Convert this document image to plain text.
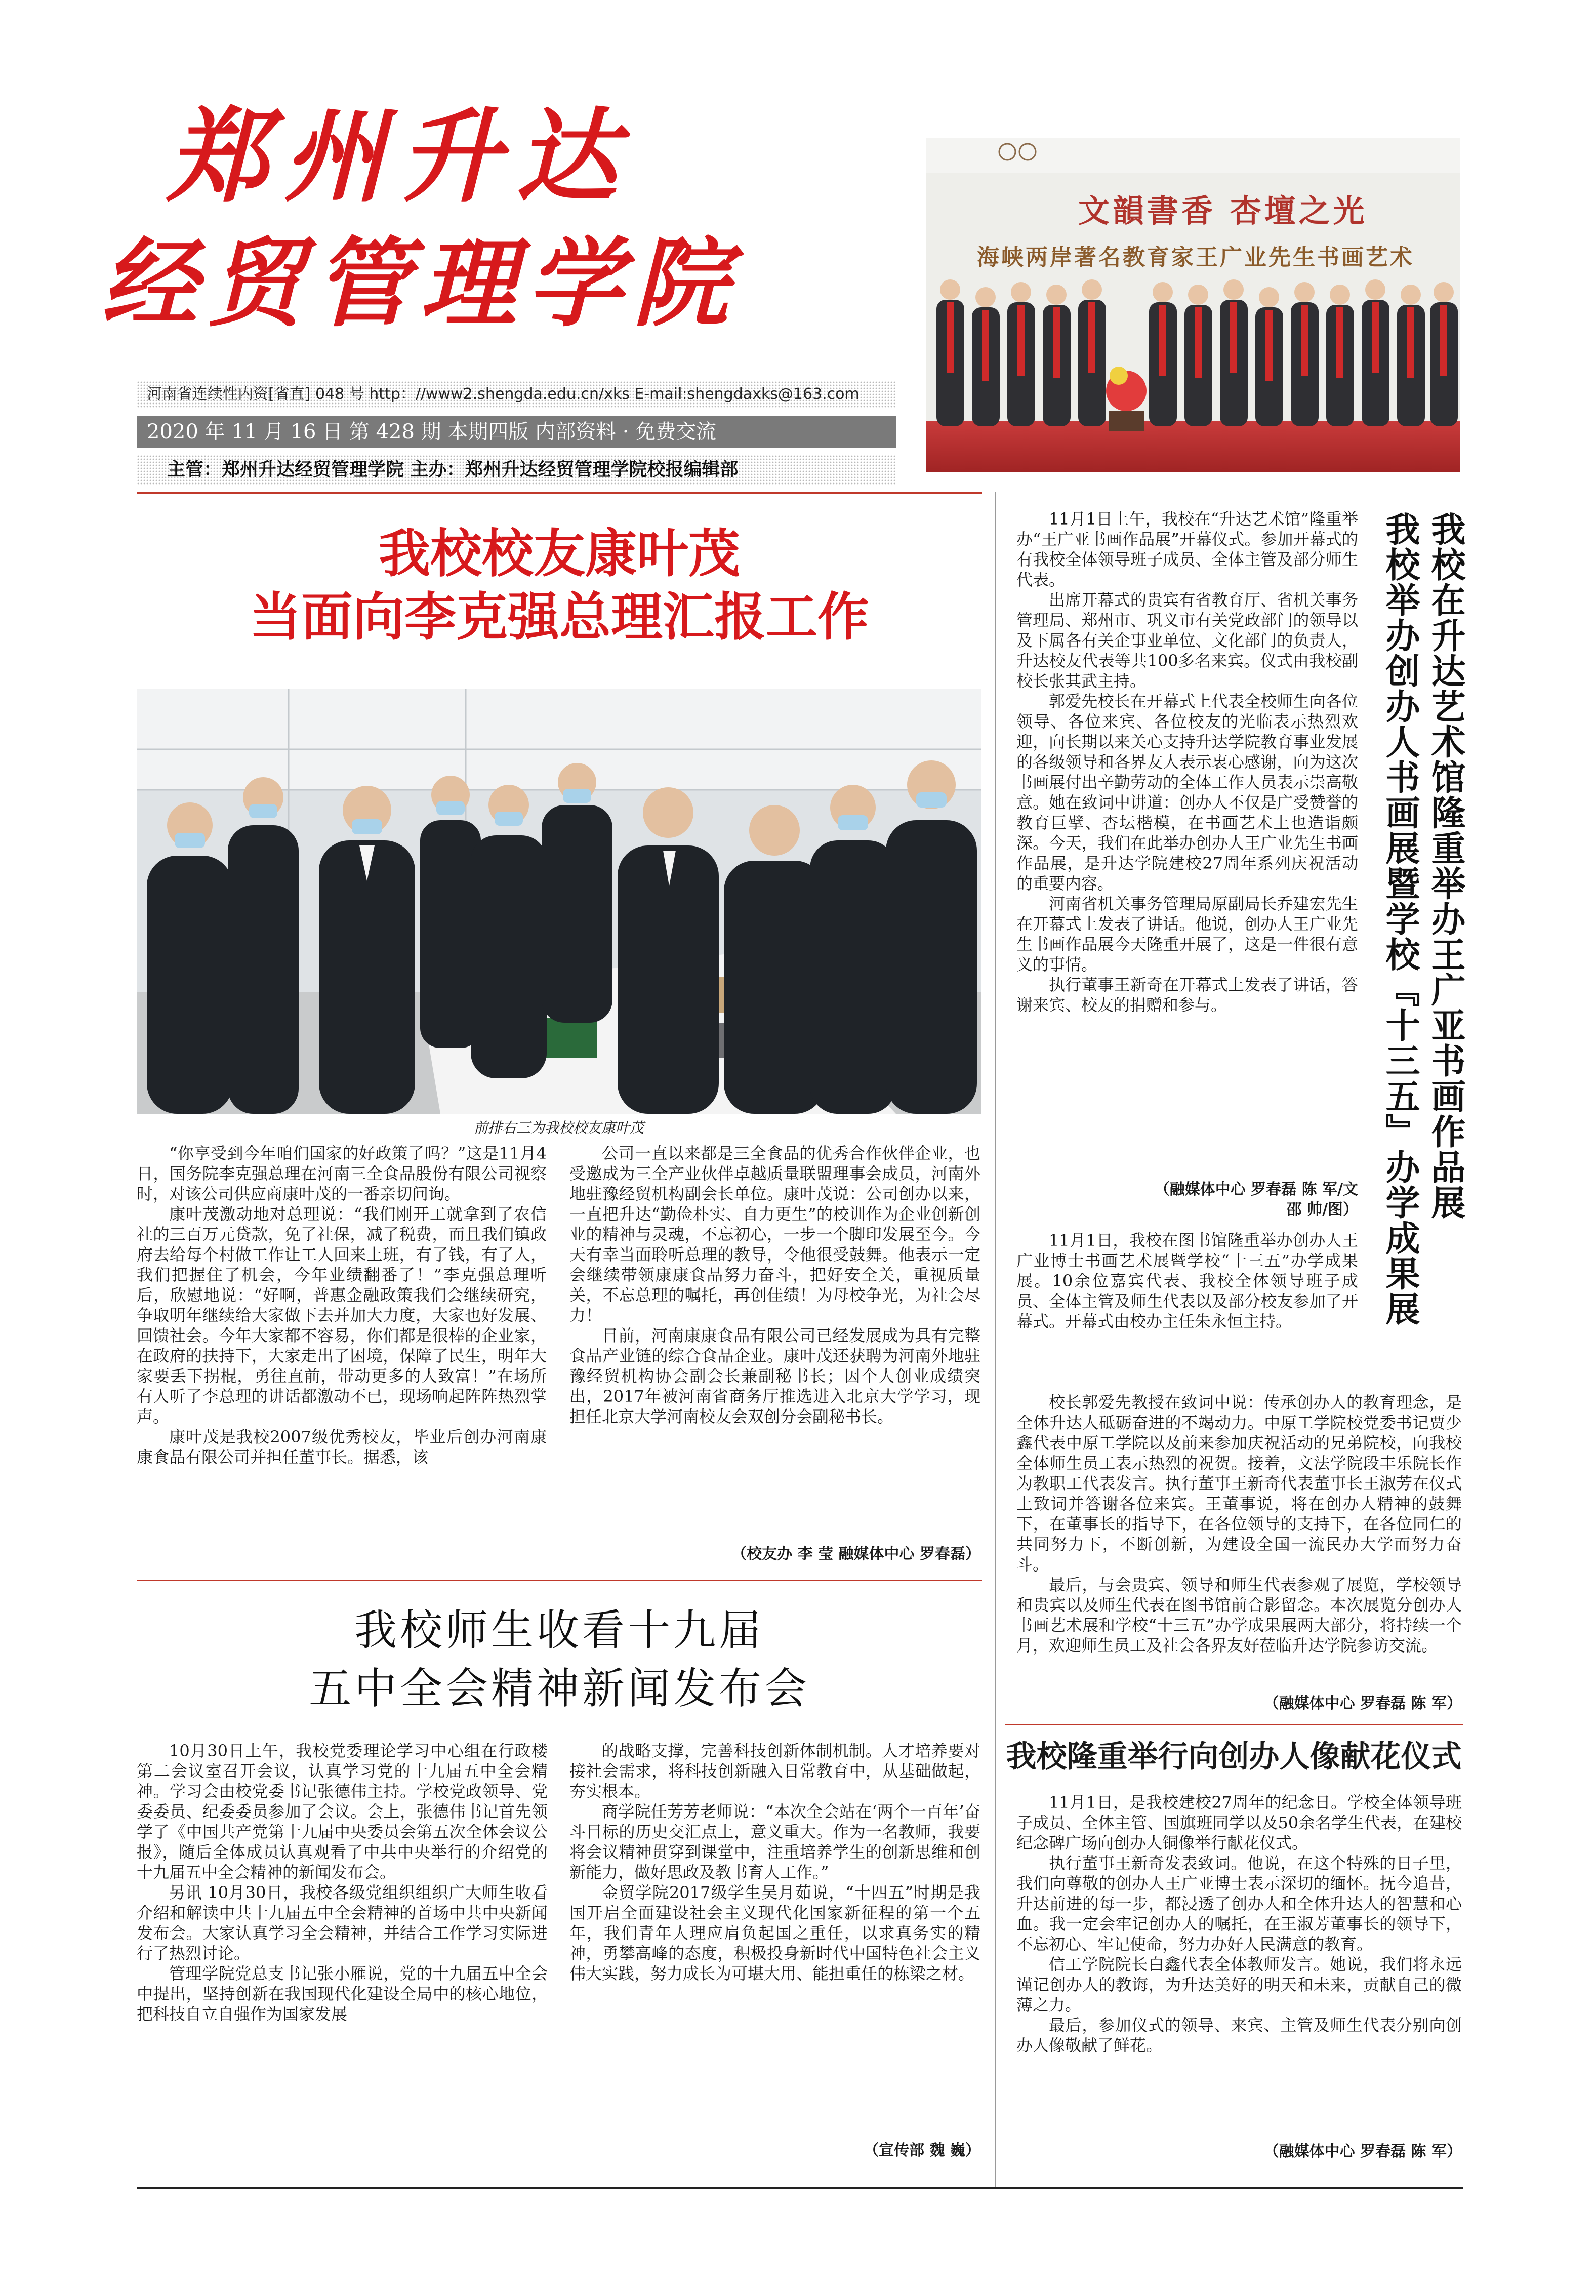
郑州升达
经贸管理学院
河南省连续性内资[省直] 048 号 http：//www2.shengda.edu.cn/xks E-mail:shengdaxks@163.com
2020 年 11 月 16 日 第 428 期 本期四版 内部资料 · 免费交流
主管：郑州升达经贸管理学院 主办：郑州升达经贸管理学院校报编辑部
文韻書香 杏壇之光
海峡两岸著名教育家王广业先生书画艺术
我校校友康叶茂
当面向李克强总理汇报工作
前排右三为我校校友康叶茂

“你享受到今年咱们国家的好政策了吗？”这是11月4日，国务院李克强总理在河南三全食品股份有限公司视察时，对该公司供应商康叶茂的一番亲切问询。

康叶茂激动地对总理说：“我们刚开工就拿到了农信社的三百万元贷款，免了社保，减了税费，而且我们镇政府去给每个村做工作让工人回来上班，有了钱，有了人，我们把握住了机会，今年业绩翻番了！”李克强总理听后，欣慰地说：“好啊，普惠金融政策我们会继续研究，争取明年继续给大家做下去并加大力度，大家也好发展、回馈社会。今年大家都不容易，你们都是很棒的企业家，在政府的扶持下，大家走出了困境，保障了民生，明年大家要丢下拐棍，勇往直前，带动更多的人致富！”在场所有人听了李总理的讲话都激动不已，现场响起阵阵热烈掌声。

康叶茂是我校2007级优秀校友，毕业后创办河南康康食品有限公司并担任董事长。据悉，该

公司一直以来都是三全食品的优秀合作伙伴企业，也受邀成为三全产业伙伴卓越质量联盟理事会成员，河南外地驻豫经贸机构副会长单位。康叶茂说：公司创办以来，一直把升达“勤俭朴实、自力更生”的校训作为企业创新创业的精神与灵魂，不忘初心，一步一个脚印发展至今。今天有幸当面聆听总理的教导，令他很受鼓舞。他表示一定会继续带领康康食品努力奋斗，把好安全关，重视质量关，不忘总理的嘱托，再创佳绩！为母校争光，为社会尽力！

目前，河南康康食品有限公司已经发展成为具有完整食品产业链的综合食品企业。康叶茂还获聘为河南外地驻豫经贸机构协会副会长兼副秘书长；因个人创业成绩突出，2017年被河南省商务厅推选进入北京大学学习，现担任北京大学河南校友会双创分会副秘书长。

（校友办 李 莹 融媒体中心 罗春磊）
我校师生收看十九届
五中全会精神新闻发布会

10月30日上午，我校党委理论学习中心组在行政楼第二会议室召开会议，认真学习党的十九届五中全会精神。学习会由校党委书记张德伟主持。学校党政领导、党委委员、纪委委员参加了会议。会上，张德伟书记首先领学了《中国共产党第十九届中央委员会第五次全体会议公报》，随后全体成员认真观看了中共中央举行的介绍党的十九届五中全会精神的新闻发布会。

另讯 10月30日，我校各级党组织组织广大师生收看介绍和解读中共十九届五中全会精神的首场中共中央新闻发布会。大家认真学习全会精神，并结合工作学习实际进行了热烈讨论。

管理学院党总支书记张小雁说，党的十九届五中全会中提出，坚持创新在我国现代化建设全局中的核心地位，把科技自立自强作为国家发展

的战略支撑，完善科技创新体制机制。人才培养要对接社会需求，将科技创新融入日常教育中，从基础做起，夯实根本。

商学院任芳芳老师说：“本次全会站在‘两个一百年’奋斗目标的历史交汇点上，意义重大。作为一名教师，我要将会议精神贯穿到课堂中，注重培养学生的创新思维和创新能力，做好思政及教书育人工作。”

金贸学院2017级学生吴月茹说，“十四五”时期是我国开启全面建设社会主义现代化国家新征程的第一个五年，我们青年人理应肩负起国之重任，以求真务实的精神，勇攀高峰的态度，积极投身新时代中国特色社会主义伟大实践，努力成长为可堪大用、能担重任的栋梁之材。

（宣传部 魏 巍）

11月1日上午，我校在“升达艺术馆”隆重举办“王广亚书画作品展”开幕仪式。参加开幕式的有我校全体领导班子成员、全体主管及部分师生代表。

出席开幕式的贵宾有省教育厅、省机关事务管理局、郑州市、巩义市有关党政部门的领导以及下属各有关企事业单位、文化部门的负责人，升达校友代表等共100多名来宾。仪式由我校副校长张其武主持。

郭爱先校长在开幕式上代表全校师生向各位领导、各位来宾、各位校友的光临表示热烈欢迎，向长期以来关心支持升达学院教育事业发展的各级领导和各界友人表示衷心感谢，向为这次书画展付出辛勤劳动的全体工作人员表示崇高敬意。她在致词中讲道：创办人不仅是广受赞誉的教育巨擘、杏坛楷模，在书画艺术上也造诣颇深。今天，我们在此举办创办人王广业先生书画作品展，是升达学院建校27周年系列庆祝活动的重要内容。

河南省机关事务管理局原副局长乔建宏先生在开幕式上发表了讲话。他说，创办人王广业先生书画作品展今天隆重开展了，这是一件很有意义的事情。

执行董事王新奇在开幕式上发表了讲话，答谢来宾、校友的捐赠和参与。

（融媒体中心 罗春磊 陈 军/文
邵 帅/图）

11月1日，我校在图书馆隆重举办创办人王广业博士书画艺术展暨学校“十三五”办学成果展。10余位嘉宾代表、我校全体领导班子成员、全体主管及师生代表以及部分校友参加了开幕式。开幕式由校办主任朱永恒主持。

我校在升达艺术馆隆重举办王广亚书画作品展
我校举办创办人书画展暨学校『十三五』办学成果展

校长郭爱先教授在致词中说：传承创办人的教育理念，是全体升达人砥砺奋进的不竭动力。中原工学院校党委书记贾少鑫代表中原工学院以及前来参加庆祝活动的兄弟院校，向我校全体师生员工表示热烈的祝贺。接着，文法学院段丰乐院长作为教职工代表发言。执行董事王新奇代表董事长王淑芳在仪式上致词并答谢各位来宾。王董事说，将在创办人精神的鼓舞下，在董事长的指导下，在各位领导的支持下，在各位同仁的共同努力下，不断创新，为建设全国一流民办大学而努力奋斗。

最后，与会贵宾、领导和师生代表参观了展览，学校领导和贵宾以及师生代表在图书馆前合影留念。本次展览分创办人书画艺术展和学校“十三五”办学成果展两大部分，将持续一个月，欢迎师生员工及社会各界友好莅临升达学院参访交流。

（融媒体中心 罗春磊 陈 军）
我校隆重举行向创办人像献花仪式

11月1日，是我校建校27周年的纪念日。学校全体领导班子成员、全体主管、国旗班同学以及50余名学生代表，在建校纪念碑广场向创办人铜像举行献花仪式。

执行董事王新奇发表致词。他说，在这个特殊的日子里，我们向尊敬的创办人王广亚博士表示深切的缅怀。抚今追昔，升达前进的每一步，都浸透了创办人和全体升达人的智慧和心血。我一定会牢记创办人的嘱托，在王淑芳董事长的领导下，不忘初心、牢记使命，努力办好人民满意的教育。

信工学院院长白鑫代表全体教师发言。她说，我们将永远谨记创办人的教诲，为升达美好的明天和未来，贡献自己的微薄之力。

最后，参加仪式的领导、来宾、主管及师生代表分别向创办人像敬献了鲜花。

（融媒体中心 罗春磊 陈 军）
